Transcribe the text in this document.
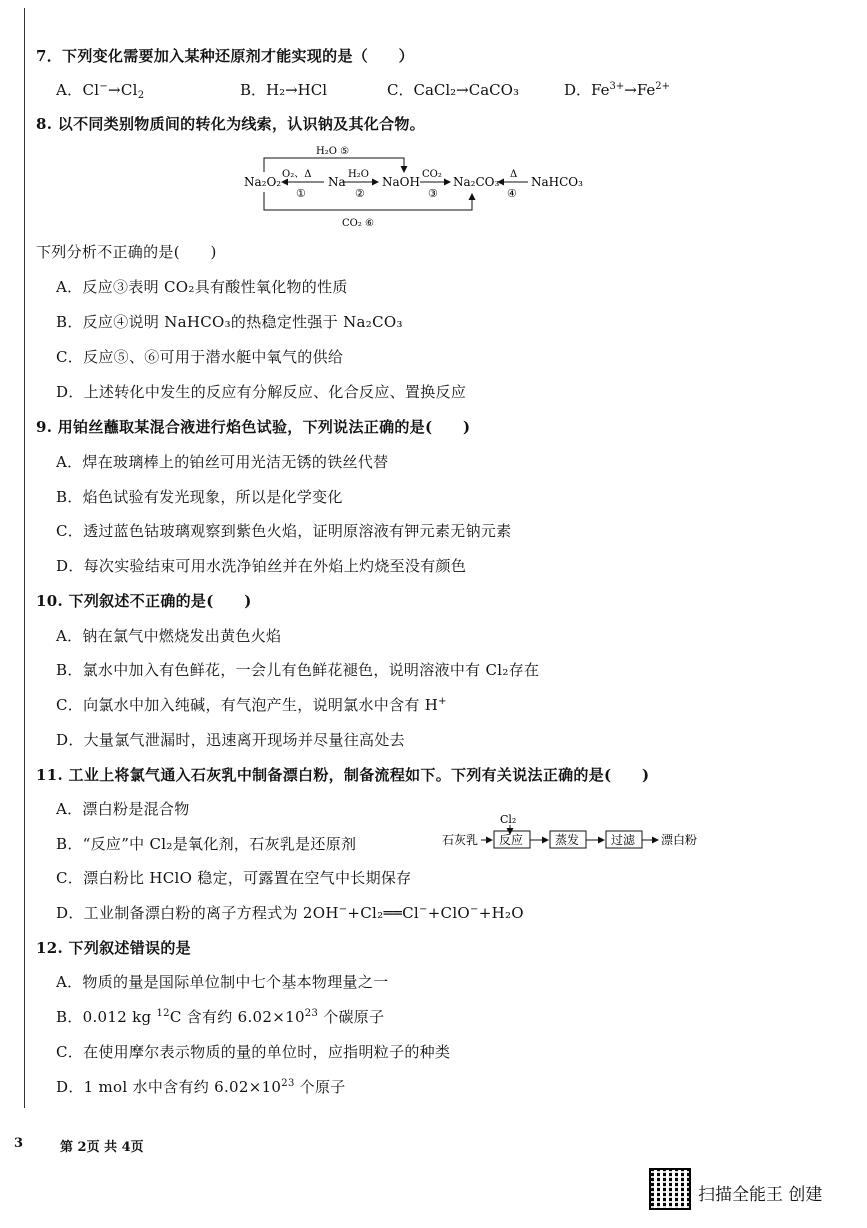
7．下列变化需要加入某种还原剂才能实现的是（　　）
A．$Cl^-\to Cl_2$	B．H₂→HCl	C．CaCl₂→CaCO₃	D．$Fe^{3+}\to Fe^{2+}$
8. 以不同类别物质间的转化为线索，认识钠及其化合物。
Na₂O₂	Na	NaOH	Na₂CO₃	NaHCO₃
O₂、Δ
①
H₂O
②
CO₂
③
Δ
④
H₂O ⑤
CO₂ ⑥
下列分析不正确的是(　　)
A．反应③表明 CO₂具有酸性氧化物的性质
B．反应④说明 NaHCO₃的热稳定性强于 Na₂CO₃
C．反应⑤、⑥可用于潜水艇中氧气的供给
D．上述转化中发生的反应有分解反应、化合反应、置换反应
9. 用铂丝蘸取某混合液进行焰色试验，下列说法正确的是(　　)
A．焊在玻璃棒上的铂丝可用光洁无锈的铁丝代替
B．焰色试验有发光现象，所以是化学变化
C．透过蓝色钴玻璃观察到紫色火焰，证明原溶液有钾元素无钠元素
D．每次实验结束可用水洗净铂丝并在外焰上灼烧至没有颜色
10. 下列叙述不正确的是(　　)
A．钠在氯气中燃烧发出黄色火焰
B．氯水中加入有色鲜花，一会儿有色鲜花褪色，说明溶液中有 Cl₂存在
C．向氯水中加入纯碱，有气泡产生，说明氯水中含有 H+
D．大量氯气泄漏时，迅速离开现场并尽量往高处去
11. 工业上将氯气通入石灰乳中制备漂白粉，制备流程如下。下列有关说法正确的是(　　)
A．漂白粉是混合物
B．“反应”中 Cl₂是氧化剂，石灰乳是还原剂
C．漂白粉比 HClO 稳定，可露置在空气中长期保存
D．工业制备漂白粉的离子方程式为 2OH−+Cl₂══Cl−+ClO−+H₂O
Cl₂
石灰乳 反应	蒸发	过滤 漂白粉
12. 下列叙述错误的是
A．物质的量是国际单位制中七个基本物理量之一
B．0.012 kg $^{12}$C 含有约 $6.02\times 10^{23}$ 个碳原子
C．在使用摩尔表示物质的量的单位时，应指明粒子的种类
D．1 mol 水中含有约 $6.02\times 10^{23}$ 个原子
3	第 2页 共 4页
扫描全能王 创建
